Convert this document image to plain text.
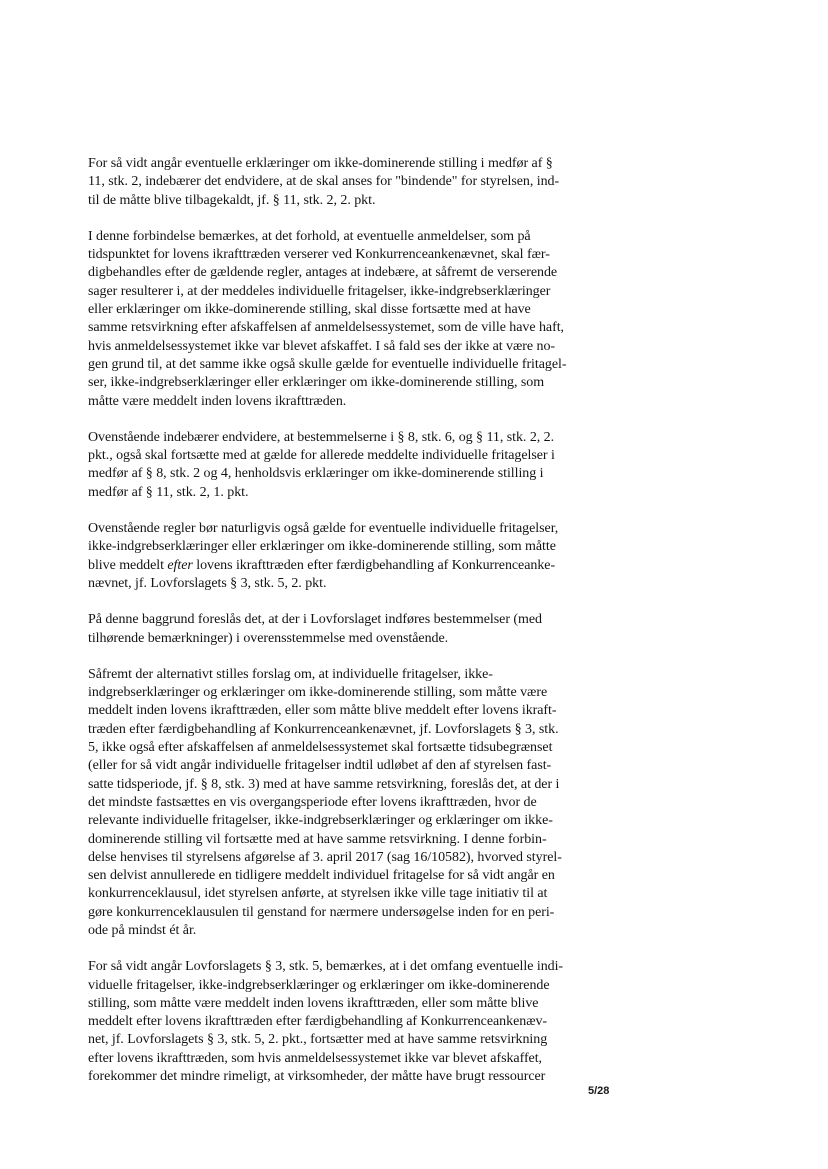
For så vidt angår eventuelle erklæringer om ikke-dominerende stilling i medfør af §
11, stk. 2, indebærer det endvidere, at de skal anses for "bindende" for styrelsen, ind-
til de måtte blive tilbagekaldt, jf. § 11, stk. 2, 2. pkt.

I denne forbindelse bemærkes, at det forhold, at eventuelle anmeldelser, som på
tidspunktet for lovens ikrafttræden verserer ved Konkurrenceankenævnet, skal fær-
digbehandles efter de gældende regler, antages at indebære, at såfremt de verserende
sager resulterer i, at der meddeles individuelle fritagelser, ikke-indgrebserklæringer
eller erklæringer om ikke-dominerende stilling, skal disse fortsætte med at have
samme retsvirkning efter afskaffelsen af anmeldelsessystemet, som de ville have haft,
hvis anmeldelsessystemet ikke var blevet afskaffet. I så fald ses der ikke at være no-
gen grund til, at det samme ikke også skulle gælde for eventuelle individuelle fritagel-
ser, ikke-indgrebserklæringer eller erklæringer om ikke-dominerende stilling, som
måtte være meddelt inden lovens ikrafttræden.

Ovenstående indebærer endvidere, at bestemmelserne i § 8, stk. 6, og § 11, stk. 2, 2.
pkt., også skal fortsætte med at gælde for allerede meddelte individuelle fritagelser i
medfør af § 8, stk. 2 og 4, henholdsvis erklæringer om ikke-dominerende stilling i
medfør af § 11, stk. 2, 1. pkt.

Ovenstående regler bør naturligvis også gælde for eventuelle individuelle fritagelser,
ikke-indgrebserklæringer eller erklæringer om ikke-dominerende stilling, som måtte
blive meddelt efter lovens ikrafttræden efter færdigbehandling af Konkurrenceanke-
nævnet, jf. Lovforslagets § 3, stk. 5, 2. pkt.

På denne baggrund foreslås det, at der i Lovforslaget indføres bestemmelser (med
tilhørende bemærkninger) i overensstemmelse med ovenstående.

Såfremt der alternativt stilles forslag om, at individuelle fritagelser, ikke-
indgrebserklæringer og erklæringer om ikke-dominerende stilling, som måtte være
meddelt inden lovens ikrafttræden, eller som måtte blive meddelt efter lovens ikraft-
træden efter færdigbehandling af Konkurrenceankenævnet, jf. Lovforslagets § 3, stk.
5, ikke også efter afskaffelsen af anmeldelsessystemet skal fortsætte tidsubegrænset
(eller for så vidt angår individuelle fritagelser indtil udløbet af den af styrelsen fast-
satte tidsperiode, jf. § 8, stk. 3) med at have samme retsvirkning, foreslås det, at der i
det mindste fastsættes en vis overgangsperiode efter lovens ikrafttræden, hvor de
relevante individuelle fritagelser, ikke-indgrebserklæringer og erklæringer om ikke-
dominerende stilling vil fortsætte med at have samme retsvirkning. I denne forbin-
delse henvises til styrelsens afgørelse af 3. april 2017 (sag 16/10582), hvorved styrel-
sen delvist annullerede en tidligere meddelt individuel fritagelse for så vidt angår en
konkurrenceklausul, idet styrelsen anførte, at styrelsen ikke ville tage initiativ til at
gøre konkurrenceklausulen til genstand for nærmere undersøgelse inden for en peri-
ode på mindst ét år.

For så vidt angår Lovforslagets § 3, stk. 5, bemærkes, at i det omfang eventuelle indi-
viduelle fritagelser, ikke-indgrebserklæringer og erklæringer om ikke-dominerende
stilling, som måtte være meddelt inden lovens ikrafttræden, eller som måtte blive
meddelt efter lovens ikrafttræden efter færdigbehandling af Konkurrenceankenæv-
net, jf. Lovforslagets § 3, stk. 5, 2. pkt., fortsætter med at have samme retsvirkning
efter lovens ikrafttræden, som hvis anmeldelsessystemet ikke var blevet afskaffet,
forekommer det mindre rimeligt, at virksomheder, der måtte have brugt ressourcer

5/28
